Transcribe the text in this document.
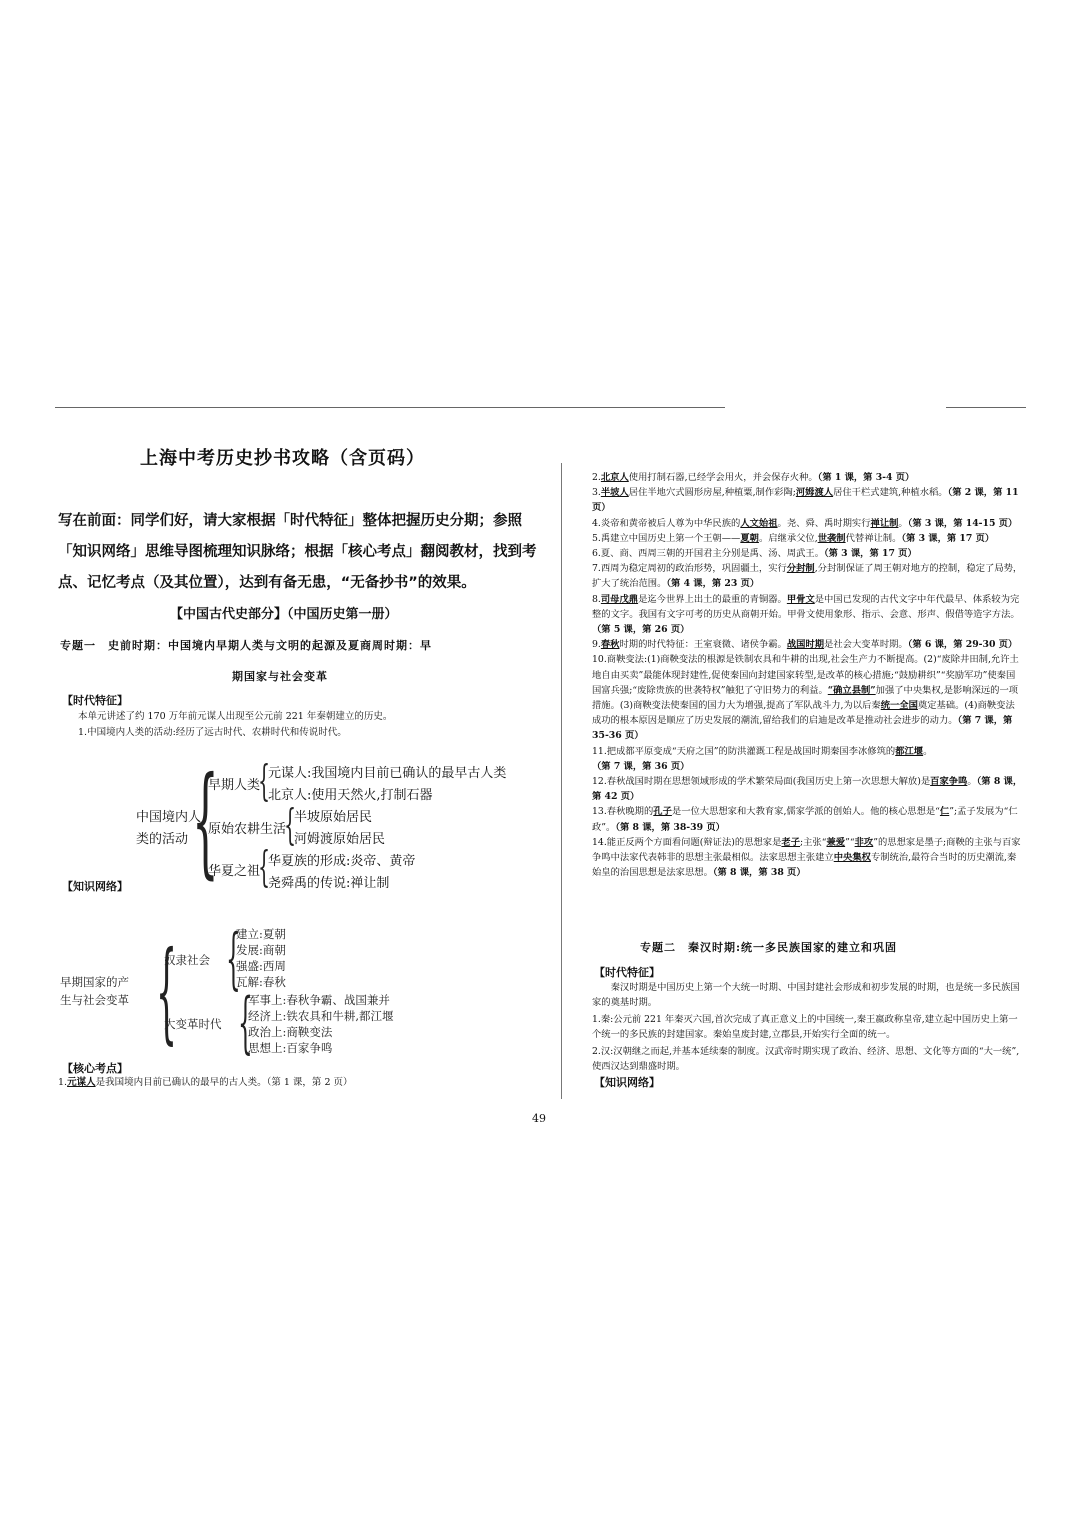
上海中考历史抄书攻略（含页码）
写在前面：同学们好，请大家根据「时代特征」整体把握历史分期；参照「知识网络」思维导图梳理知识脉络；根据「核心考点」翻阅教材，找到考点、记忆考点（及其位置），达到有备无患，“无备抄书”的效果。
【中国古代史部分】（中国历史第一册）
专题一　史前时期：中国境内早期人类与文明的起源及夏商周时期：早
期国家与社会变革
【时代特征】
本单元讲述了约 170 万年前元谋人出现至公元前 221 年秦朝建立的历史。
1.中国境内人类的活动:经历了远古时代、农耕时代和传说时代。
中国境内人
类的活动 {
早期人类
{
元谋人:我国境内目前已确认的最早古人类
北京人:使用天然火,打制石器
原始农耕生活
{
半坡原始居民
河姆渡原始居民
华夏之祖
{
华夏族的形成:炎帝、黄帝
尧舜禹的传说:禅让制
【知识网络】
早期国家的产
生与社会变革 {
奴隶社会 {
建立:夏朝
发展:商朝
强盛:西周
瓦解:春秋
大变革时代 {
军事上:春秋争霸、战国兼并
经济上:铁农具和牛耕,都江堰
政治上:商鞅变法
思想上:百家争鸣
【核心考点】
1.元谋人是我国境内目前已确认的最早的古人类。（第 1 课，第 2 页）

2.北京人使用打制石器,已经学会用火，并会保存火种。（第 1 课，第 3-4 页）

3.半坡人居住半地穴式圆形房屋,种植粟,制作彩陶;河姆渡人居住干栏式建筑,种植水稻。（第 2 课，第 11 页）

4.炎帝和黄帝被后人尊为中华民族的人文始祖。尧、舜、禹时期实行禅让制。（第 3 课，第 14-15 页）

5.禹建立中国历史上第一个王朝——夏朝。启继承父位,世袭制代替禅让制。（第 3 课，第 17 页）

6.夏、商、西周三朝的开国君主分别是禹、汤、周武王。（第 3 课，第 17 页）

7.西周为稳定周初的政治形势，巩固疆土，实行分封制,分封制保证了周王朝对地方的控制，稳定了局势，扩大了统治范围。（第 4 课，第 23 页）

8.司母戊鼎是迄今世界上出土的最重的青铜器。甲骨文是中国已发现的古代文字中年代最早、体系较为完整的文字。我国有文字可考的历史从商朝开始。甲骨文使用象形、指示、会意、形声、假借等造字方法。（第 5 课，第 26 页）

9.春秋时期的时代特征：王室衰微、诸侯争霸。战国时期是社会大变革时期。（第 6 课，第 29-30 页）

10.商鞅变法:(1)商鞅变法的根源是铁制农具和牛耕的出现,社会生产力不断提高。(2)“废除井田制,允许土地自由买卖”最能体现封建性,促使秦国向封建国家转型,是改革的核心措施;“鼓励耕织”“奖励军功”使秦国国富兵强;“废除贵族的世袭特权”触犯了守旧势力的利益。“确立县制”加强了中央集权,是影响深远的一项措施。(3)商鞅变法使秦国的国力大为增强,提高了军队战斗力,为以后秦统一全国奠定基础。(4)商鞅变法成功的根本原因是顺应了历史发展的潮流,留给我们的启迪是改革是推动社会进步的动力。（第 7 课，第 35-36 页）

11.把成都平原变成“天府之国”的防洪灌溉工程是战国时期秦国李冰修筑的都江堰。（第 7 课，第 36 页）

12.春秋战国时期在思想领域形成的学术繁荣局面(我国历史上第一次思想大解放)是百家争鸣。（第 8 课，第 42 页）

13.春秋晚期的孔子是一位大思想家和大教育家,儒家学派的创始人。他的核心思想是“仁”;孟子发展为“仁政”。（第 8 课，第 38-39 页）

14.能正反两个方面看问题(辩证法)的思想家是老子;主张“兼爱”“非攻”的思想家是墨子;商鞅的主张与百家争鸣中法家代表韩非的思想主张最相似。法家思想主张建立中央集权专制统治,最符合当时的历史潮流,秦始皇的治国思想是法家思想。（第 8 课，第 38 页）

专题二　秦汉时期:统一多民族国家的建立和巩固
【时代特征】
秦汉时期是中国历史上第一个大统一时期、中国封建社会形成和初步发展的时期，也是统一多民族国家的奠基时期。
1.秦:公元前 221 年秦灭六国,首次完成了真正意义上的中国统一,秦王嬴政称皇帝,建立起中国历史上第一个统一的多民族的封建国家。秦始皇废封建,立郡县,开始实行全面的统一。
2.汉:汉朝继之而起,并基本延续秦的制度。汉武帝时期实现了政治、经济、思想、文化等方面的“大一统”,使西汉达到鼎盛时期。
【知识网络】
49
